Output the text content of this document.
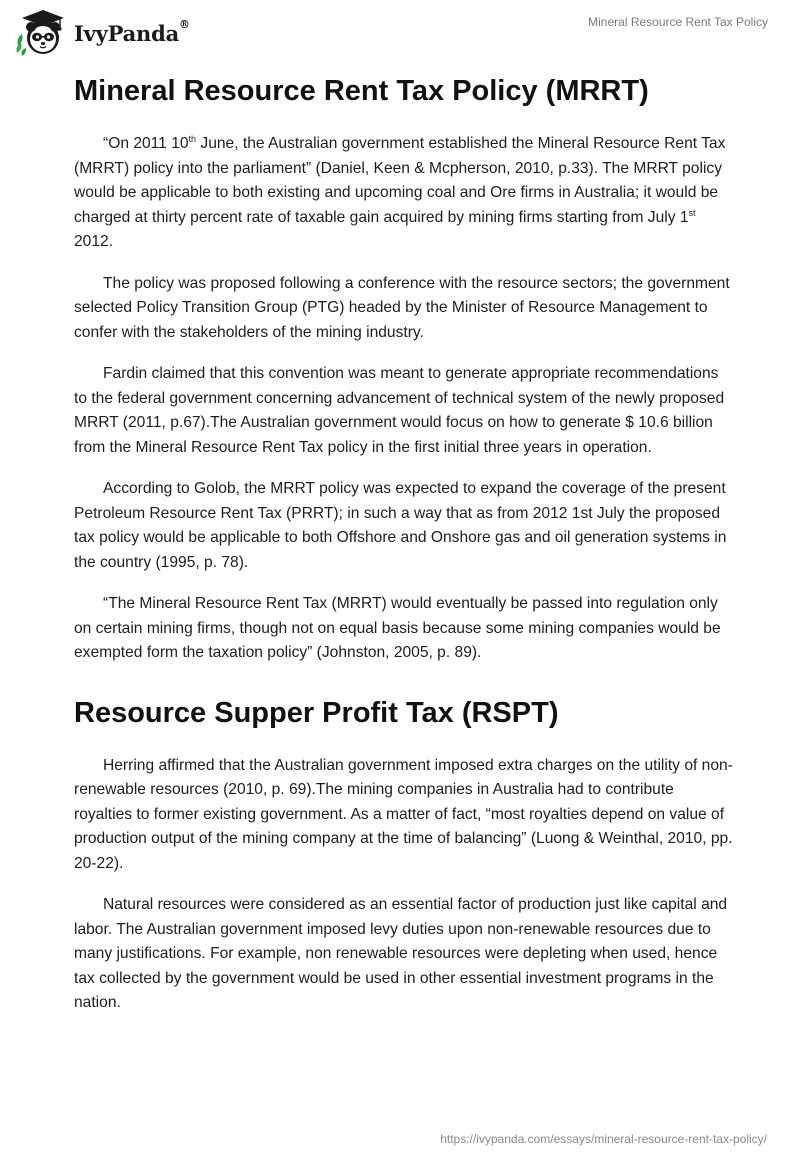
IvyPanda®	Mineral Resource Rent Tax Policy
Mineral Resource Rent Tax Policy (MRRT)

“On 2011 10th June, the Australian government established the Mineral Resource Rent Tax (MRRT) policy into the parliament” (Daniel, Keen & Mcpherson, 2010, p.33). The MRRT policy would be applicable to both existing and upcoming coal and Ore firms in Australia; it would be charged at thirty percent rate of taxable gain acquired by mining firms starting from July 1st 2012.

The policy was proposed following a conference with the resource sectors; the government selected Policy Transition Group (PTG) headed by the Minister of Resource Management to confer with the stakeholders of the mining industry.

Fardin claimed that this convention was meant to generate appropriate recommendations to the federal government concerning advancement of technical system of the newly proposed MRRT (2011, p.67).The Australian government would focus on how to generate $ 10.6 billion from the Mineral Resource Rent Tax policy in the first initial three years in operation.

According to Golob, the MRRT policy was expected to expand the coverage of the present Petroleum Resource Rent Tax (PRRT); in such a way that as from 2012 1st July the proposed tax policy would be applicable to both Offshore and Onshore gas and oil generation systems in the country (1995, p. 78).

“The Mineral Resource Rent Tax (MRRT) would eventually be passed into regulation only on certain mining firms, though not on equal basis because some mining companies would be exempted form the taxation policy” (Johnston, 2005, p. 89).

Resource Supper Profit Tax (RSPT)

Herring affirmed that the Australian government imposed extra charges on the utility of non-renewable resources (2010, p. 69).The mining companies in Australia had to contribute royalties to former existing government. As a matter of fact, “most royalties depend on value of production output of the mining company at the time of balancing” (Luong & Weinthal, 2010, pp. 20-22).

Natural resources were considered as an essential factor of production just like capital and labor. The Australian government imposed levy duties upon non-renewable resources due to many justifications. For example, non renewable resources were depleting when used, hence tax collected by the government would be used in other essential investment programs in the nation.

https://ivypanda.com/essays/mineral-resource-rent-tax-policy/
